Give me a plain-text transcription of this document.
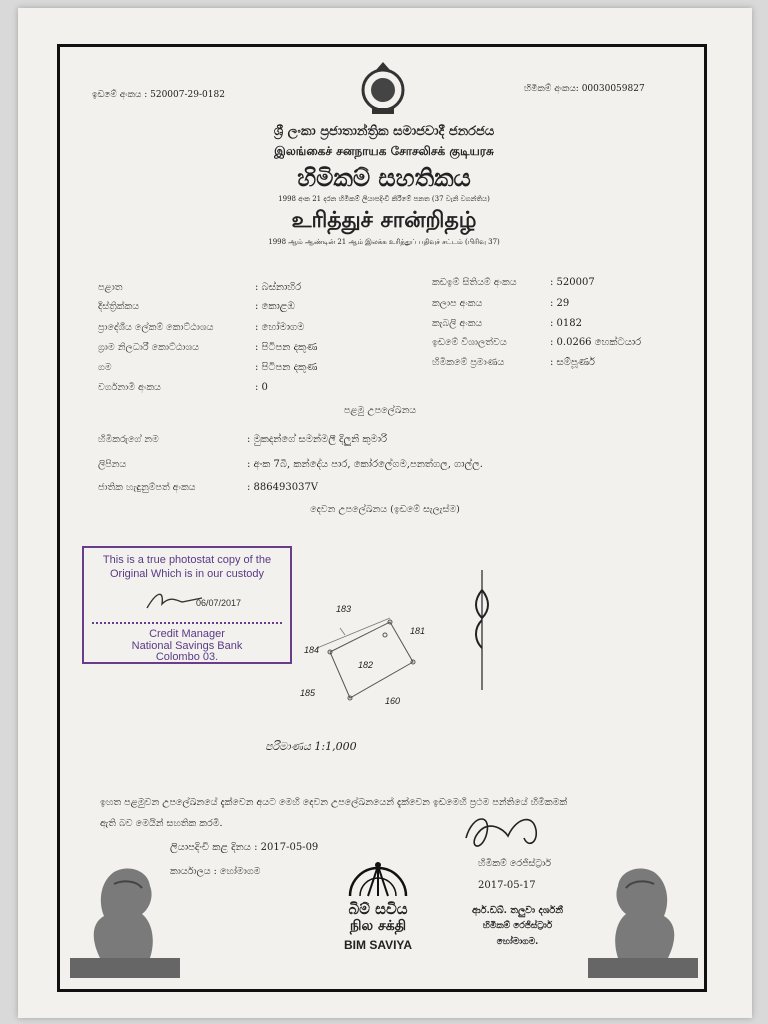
ඉඩමේ අංකය : 520007-29-0182
හිමිකම් අංකය: 00030059827
ශ්‍රී ලංකා ප්‍රජාතාන්ත්‍රික සමාජවාදී ජනරජය
இலங்கைச் சனநாயக சோசலிசக் குடியரசு
හිමිකම් සහතිකය
1998 අංක 21 දරන හිමිකම් ලියාපදිංචි කිරීමේ පනත (37 වැනි වගන්තිය)
உரித்துச் சான்றிதழ்
1998 ஆம் ஆண்டின் 21 ஆம் இலக்க உரித்துப் பதிவுச் சட்டம் (பிரிவு 37)
පළාත	: බස්නාහිර
දිස්ත්‍රික්කය	: කොළඹ
ප්‍රාදේශීය ලේකම් කොට්ඨාශය	: හෝමාගම
ග්‍රාම නිලධාරී කොට්ඨාශය	: පිටිපන දකුණ
ගම	: පිටිපන දකුණ
වර්ගනාමී අංකය	: 0
කඩඉම් සිතියම් අංකය	: 520007
කලාප අංකය	: 29
කැබලි අංකය	: 0182
ඉඩමේ විශාලත්වය	: 0.0266 හෙක්ටයාර
හිමිකමේ ප්‍රමාණය	: සම්පූර්ණ
පළමු උපලේඛනය
හිමිකරුගේ නම	: මුකදන්ගේ සමන්මලී දිලුනි කුමාරි
ලිපිනය	: අංක 7බී, කන්දේය පාර, කෝරලේගම,පනත්ගල, ගාල්ල.
ජාතික හැඳුනුම්පත් අංකය	: 886493037V
දෙවන උපලේඛනය (ඉඩමේ සැලැස්ම)
This is a true photostat copy of the
Original Which is in our custody
06/07/2017
Credit Manager
National Savings Bank
Colombo 03.
183
181
184
182
185
160
පරිමාණය 1:1,000
ඉහත පළමුවන උපලේඛනයේ දැක්වෙන අයට මෙහි දෙවන උපලේඛනයෙන් දැක්වෙන ඉඩමෙහි ප්‍රථම පන්තියේ හිමිකමක්
ඇති බව මෙයින් සහතික කරමි.
ලියාපදිංචි කළ දිනය : 2017-05-09
කාර්යාලය : හෝමාගම
හිමිකම් රෙජිස්ට්‍රාර්
2017-05-17
ආර්.ඩබ්. තලුවා දර්ශනී
හිමිකම් රෙජිස්ට්‍රාර්
හෝමාගම.
බිම් සවිය
நில சக்தி
BIM SAVIYA
